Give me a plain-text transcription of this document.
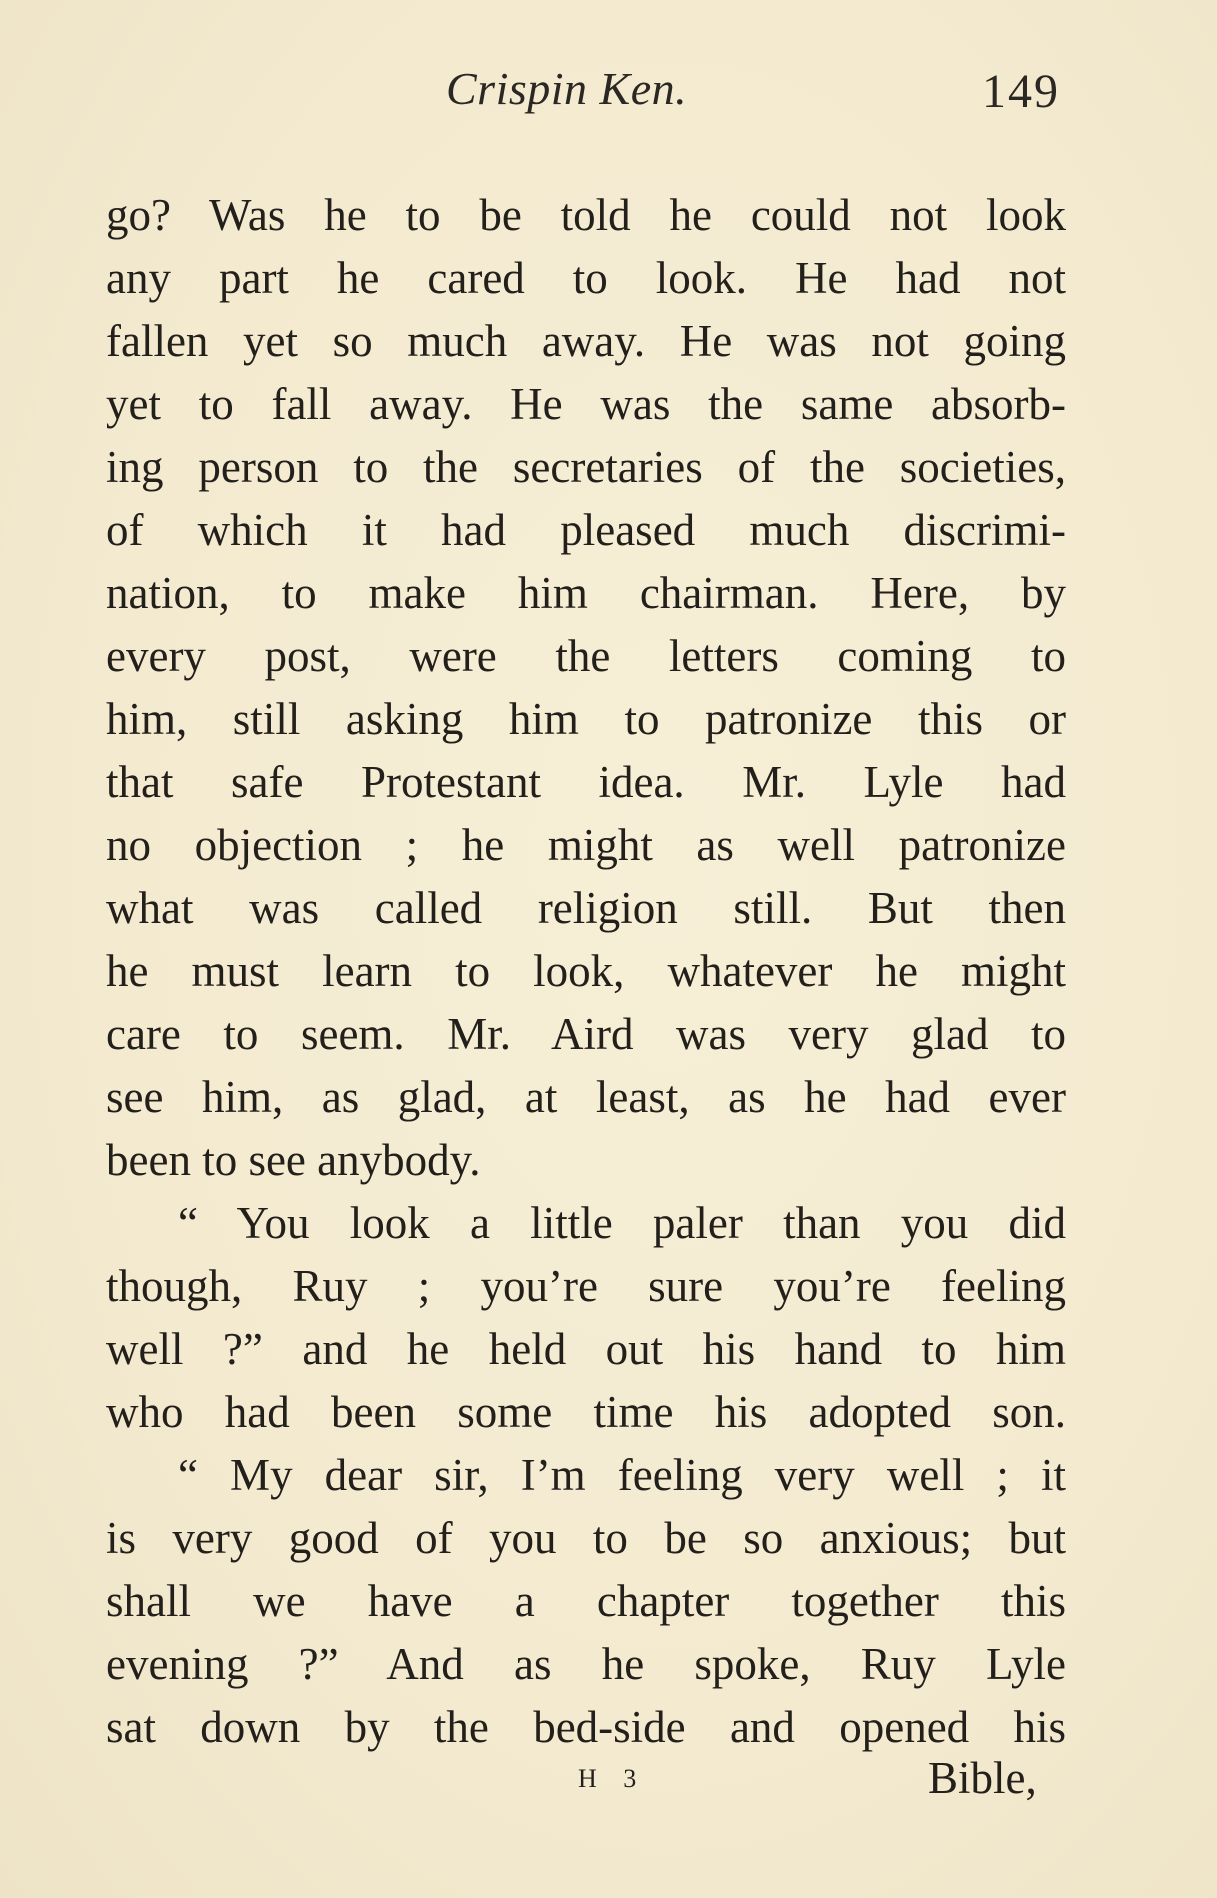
Crispin Ken.	149
go? Was he to be told he could not look
any part he cared to look. He had not
fallen yet so much away. He was not going
yet to fall away. He was the same absorb-
ing person to the secretaries of the societies,
of which it had pleased much discrimi-
nation, to make him chairman. Here, by
every post, were the letters coming to
him, still asking him to patronize this or
that safe Protestant idea. Mr. Lyle had
no objection ; he might as well patronize
what was called religion still. But then
he must learn to look, whatever he might
care to seem. Mr. Aird was very glad to
see him, as glad, at least, as he had ever
been to see anybody.
“ You look a little paler than you did
though, Ruy ; you’re sure you’re feeling
well ?” and he held out his hand to him
who had been some time his adopted son.
“ My dear sir, I’m feeling very well ; it
is very good of you to be so anxious; but
shall we have a chapter together this
evening ?” And as he spoke, Ruy Lyle
sat down by the bed-side and opened his
H 3	Bible,
